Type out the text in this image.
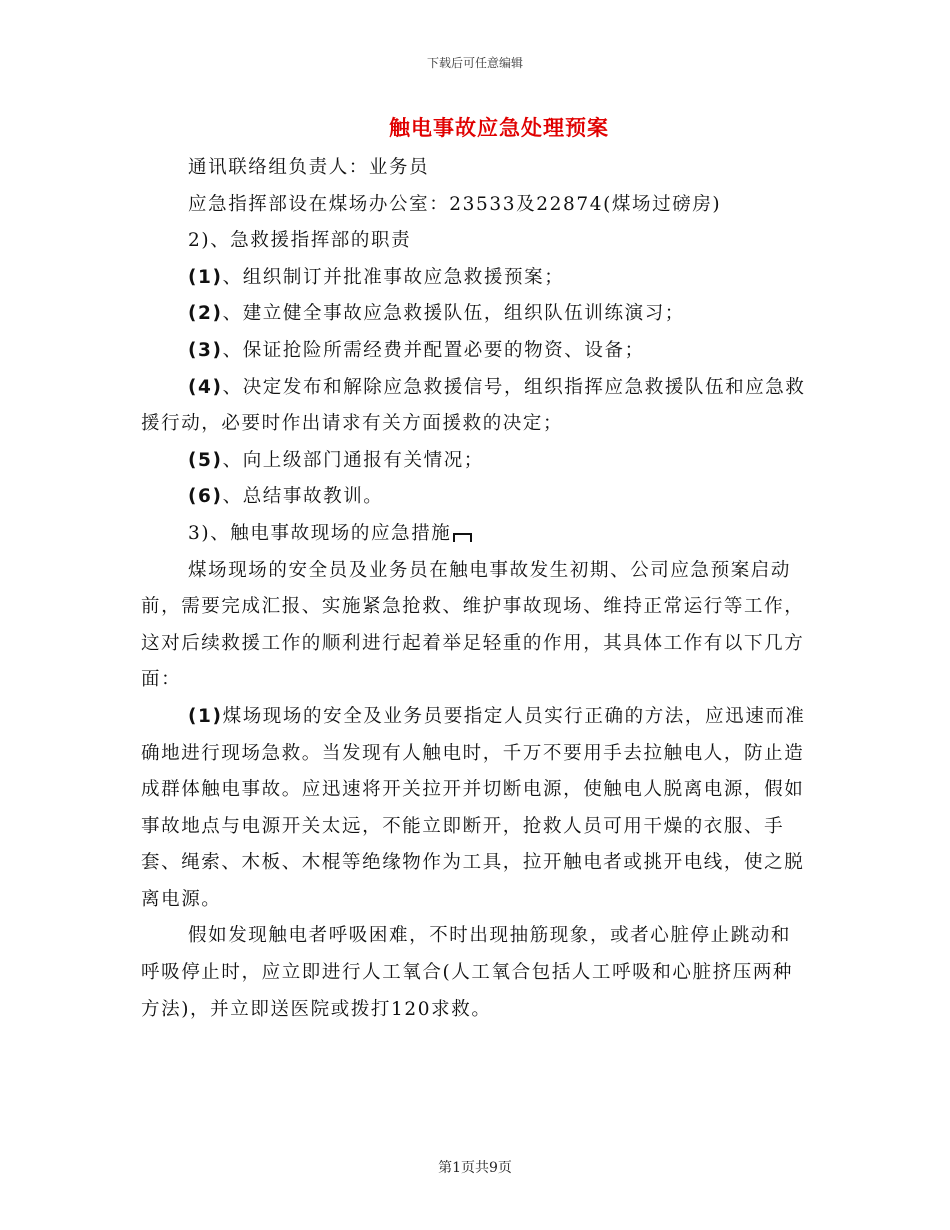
下载后可任意编辑
触电事故应急处理预案

通讯联络组负责人：业务员

应急指挥部设在煤场办公室：23533及22874(煤场过磅房)

2)、急救援指挥部的职责

(1)、组织制订并批准事故应急救援预案；

(2)、建立健全事故应急救援队伍，组织队伍训练演习；

(3)、保证抢险所需经费并配置必要的物资、设备；

(4)、决定发布和解除应急救援信号，组织指挥应急救援队伍和应急救援行动，必要时作出请求有关方面援救的决定；

(5)、向上级部门通报有关情况；

(6)、总结事故教训。

3)、触电事故现场的应急措施

煤场现场的安全员及业务员在触电事故发生初期、公司应急预案启动前，需要完成汇报、实施紧急抢救、维护事故现场、维持正常运行等工作，这对后续救援工作的顺利进行起着举足轻重的作用，其具体工作有以下几方面：

(1)煤场现场的安全及业务员要指定人员实行正确的方法，应迅速而准确地进行现场急救。当发现有人触电时，千万不要用手去拉触电人，防止造成群体触电事故。应迅速将开关拉开并切断电源，使触电人脱离电源，假如事故地点与电源开关太远，不能立即断开，抢救人员可用干燥的衣服、手套、绳索、木板、木棍等绝缘物作为工具，拉开触电者或挑开电线，使之脱离电源。

假如发现触电者呼吸困难，不时出现抽筋现象，或者心脏停止跳动和呼吸停止时，应立即进行人工氧合(人工氧合包括人工呼吸和心脏挤压两种方法)，并立即送医院或拨打120求救。

第1页共9页
